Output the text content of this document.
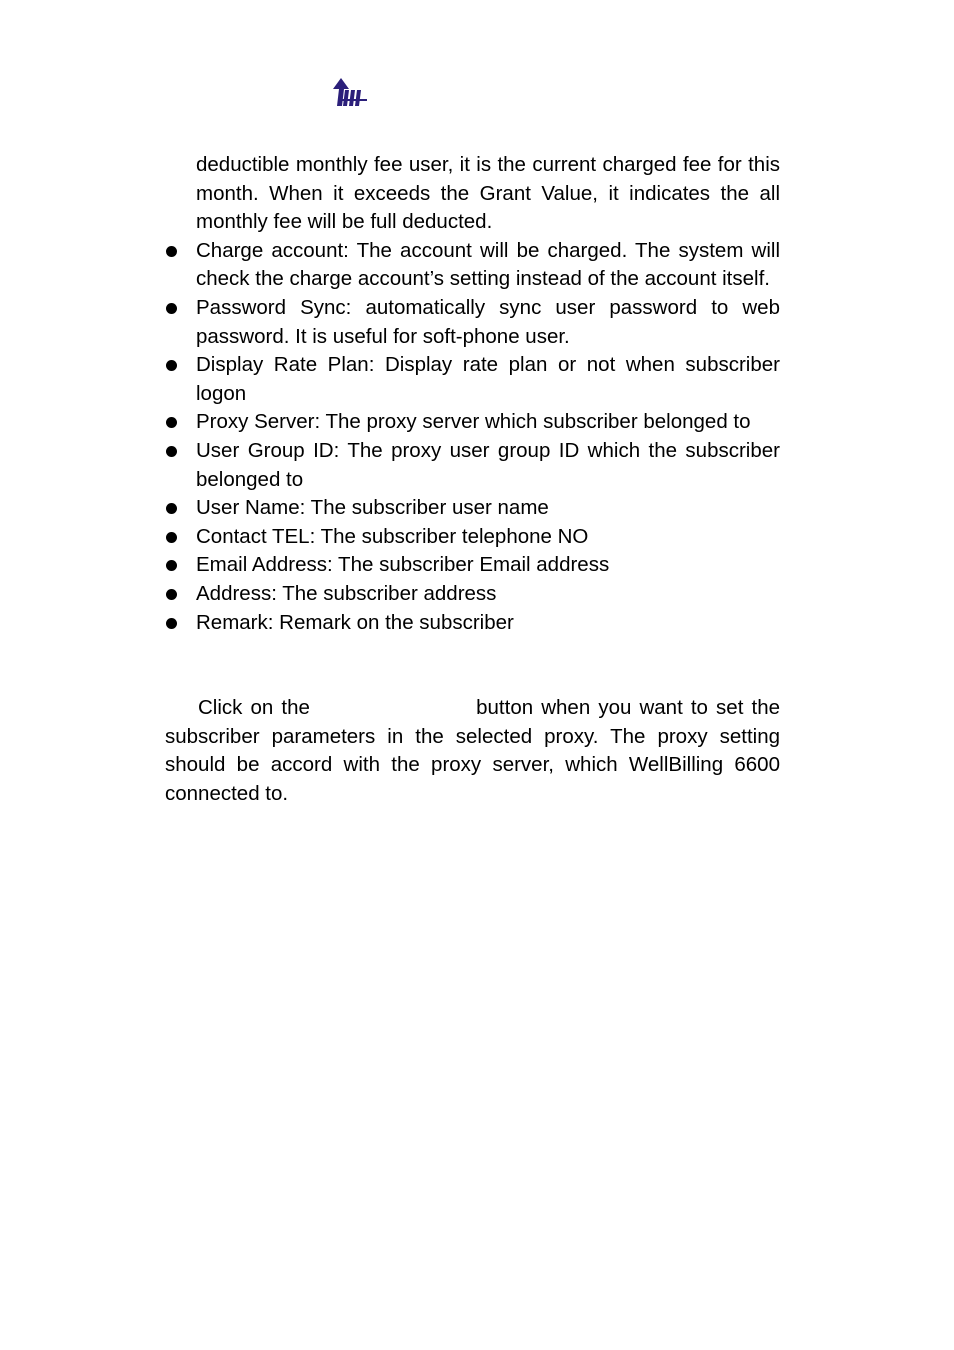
deductible monthly fee user, it is the current charged fee for this month. When it exceeds the Grant Value, it indicates the all monthly fee will be full deducted.

Charge account: The account will be charged. The system will check the charge account’s setting instead of the account itself.
Password Sync: automatically sync user password to web password. It is useful for soft-phone user.
Display Rate Plan: Display rate plan or not when subscriber logon
Proxy Server: The proxy server which subscriber belonged to
User Group ID: The proxy user group ID which the subscriber belonged to
User Name: The subscriber user name
Contact TEL: The subscriber telephone NO
Email Address: The subscriber Email address
Address: The subscriber address
Remark: Remark on the subscriber

Click on the	button when you want to set the subscriber parameters in the selected proxy. The proxy setting should be accord with the proxy server, which WellBilling 6600 connected to.
